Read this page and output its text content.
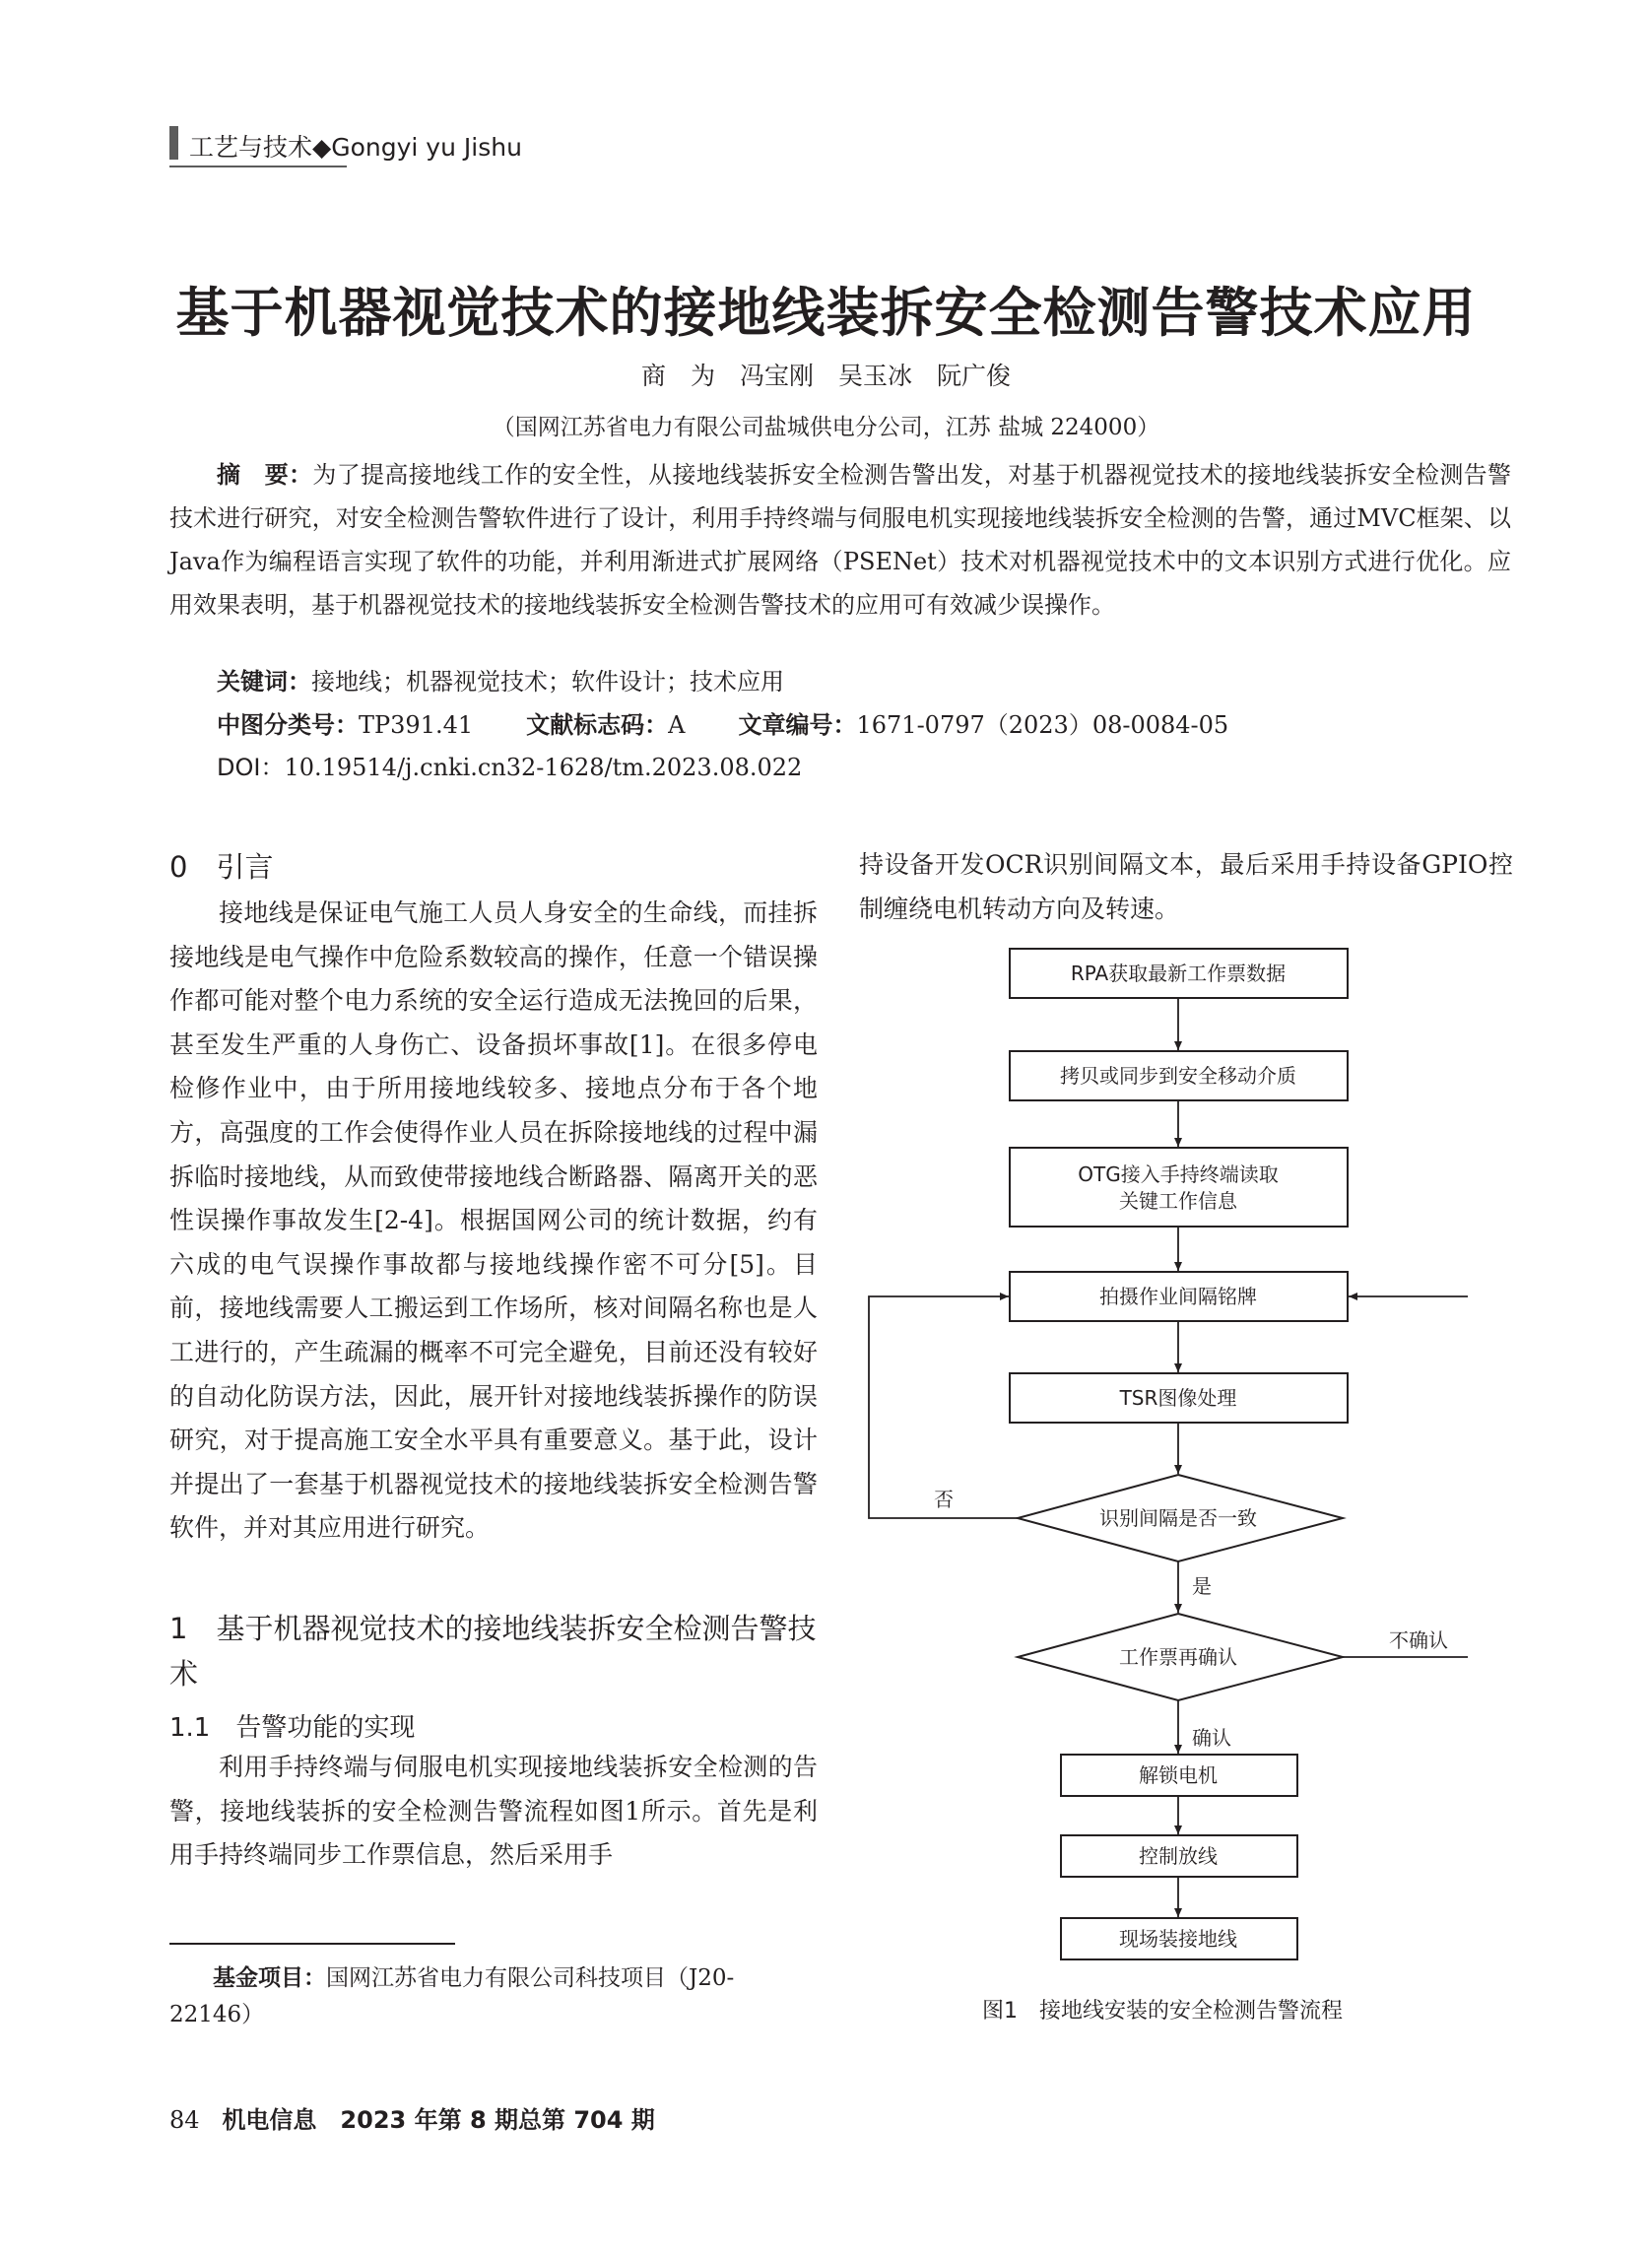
工艺与技术◆Gongyi yu Jishu
基于机器视觉技术的接地线装拆安全检测告警技术应用
商　为　冯宝刚　吴玉冰　阮广俊
（国网江苏省电力有限公司盐城供电分公司，江苏 盐城 224000）
摘　要：为了提高接地线工作的安全性，从接地线装拆安全检测告警出发，对基于机器视觉技术的接地线装拆安全检测告警技术进行研究，对安全检测告警软件进行了设计，利用手持终端与伺服电机实现接地线装拆安全检测的告警，通过MVC框架、以Java作为编程语言实现了软件的功能，并利用渐进式扩展网络（PSENet）技术对机器视觉技术中的文本识别方式进行优化。应用效果表明，基于机器视觉技术的接地线装拆安全检测告警技术的应用可有效减少误操作。
关键词：接地线；机器视觉技术；软件设计；技术应用
中图分类号：TP391.41 文献标志码：A 文章编号：1671-0797（2023）08-0084-05
DOI：10.19514/j.cnki.cn32-1628/tm.2023.08.022
0　引言
接地线是保证电气施工人员人身安全的生命线，而挂拆接地线是电气操作中危险系数较高的操作，任意一个错误操作都可能对整个电力系统的安全运行造成无法挽回的后果，甚至发生严重的人身伤亡、设备损坏事故[1]。在很多停电检修作业中，由于所用接地线较多、接地点分布于各个地方，高强度的工作会使得作业人员在拆除接地线的过程中漏拆临时接地线，从而致使带接地线合断路器、隔离开关的恶性误操作事故发生[2-4]。根据国网公司的统计数据，约有六成的电气误操作事故都与接地线操作密不可分[5]。目前，接地线需要人工搬运到工作场所，核对间隔名称也是人工进行的，产生疏漏的概率不可完全避免，目前还没有较好的自动化防误方法，因此，展开针对接地线装拆操作的防误研究，对于提高施工安全水平具有重要意义。基于此，设计并提出了一套基于机器视觉技术的接地线装拆安全检测告警软件，并对其应用进行研究。
1　基于机器视觉技术的接地线装拆安全检测告警技术
1.1　告警功能的实现
利用手持终端与伺服电机实现接地线装拆安全检测的告警，接地线装拆的安全检测告警流程如图1所示。首先是利用手持终端同步工作票信息，然后采用手
基金项目：国网江苏省电力有限公司科技项目（J20-22146）
84 机电信息　2023 年第 8 期总第 704 期
持设备开发OCR识别间隔文本，最后采用手持设备GPIO控制缠绕电机转动方向及转速。
RPA获取最新工作票数据
拷贝或同步到安全移动介质
OTG接入手持终端读取
关键工作信息
拍摄作业间隔铭牌
TSR图像处理
识别间隔是否一致
工作票再确认
解锁电机
控制放线
现场装接地线
否
是
不确认
确认
图1　接地线安装的安全检测告警流程
